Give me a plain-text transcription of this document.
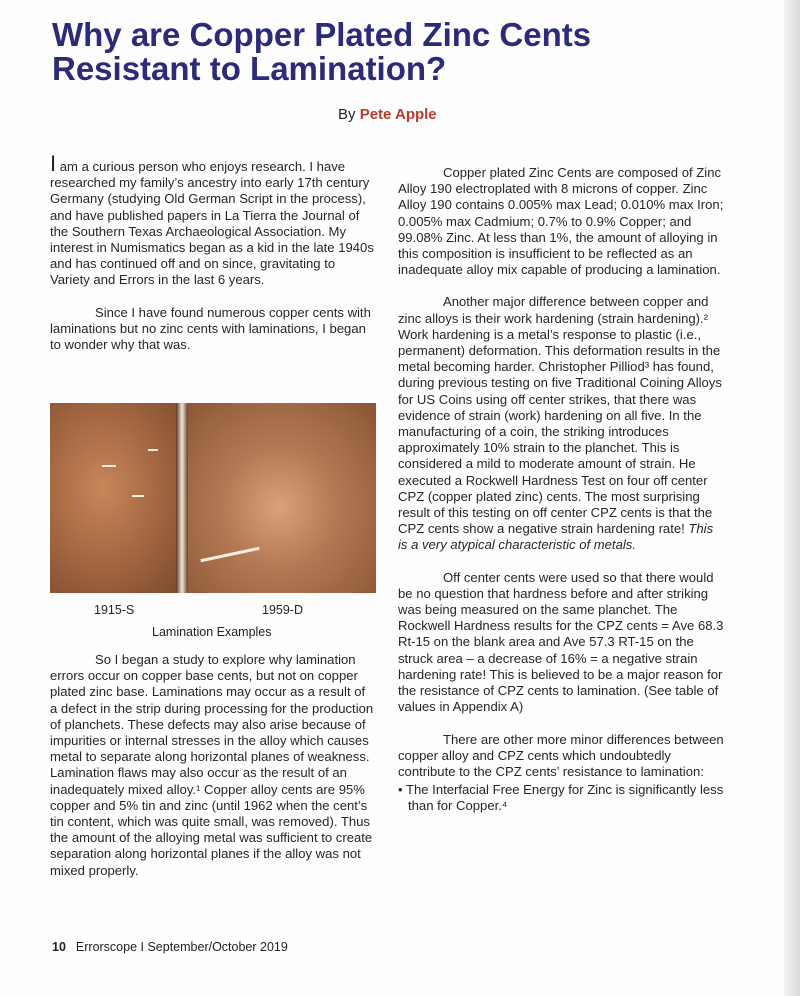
Why are Copper Plated Zinc Cents
Resistant to Lamination?
By Pete Apple

I am a curious person who enjoys research. I have researched my family’s ancestry into early 17th century Germany (studying Old German Script in the process), and have published papers in La Tierra the Journal of the Southern Texas Archaeological Association. My interest in Numismatics began as a kid in the late 1940s and has continued off and on since, gravitating to Variety and Errors in the last 6 years.

Since I have found numerous copper cents with laminations but no zinc cents with laminations, I began to wonder why that was.

1915-S	1959-D
Lamination Examples

So I began a study to explore why lamination errors occur on copper base cents, but not on copper plated zinc base. Laminations may occur as a result of a defect in the strip during processing for the production of planchets. These defects may also arise because of impurities or internal stresses in the alloy which causes metal to separate along horizontal planes of weakness. Lamination flaws may also occur as the result of an inadequately mixed alloy.¹ Copper alloy cents are 95% copper and 5% tin and zinc (until 1962 when the cent’s tin content, which was quite small, was removed). Thus the amount of the alloying metal was sufficient to create separation along horizontal planes if the alloy was not mixed properly.

Copper plated Zinc Cents are composed of Zinc Alloy 190 electroplated with 8 microns of copper. Zinc Alloy 190 contains 0.005% max Lead; 0.010% max Iron; 0.005% max Cadmium; 0.7% to 0.9% Copper; and 99.08% Zinc. At less than 1%, the amount of alloying in this composition is insufficient to be reflected as an inadequate alloy mix capable of producing a lamination.

Another major difference between copper and zinc alloys is their work hardening (strain hardening).² Work hardening is a metal’s response to plastic (i.e., permanent) deformation. This deformation results in the metal becoming harder. Christopher Pilliod³ has found, during previous testing on five Traditional Coining Alloys for US Coins using off center strikes, that there was evidence of strain (work) hardening on all five. In the manufacturing of a coin, the striking introduces approximately 10% strain to the planchet. This is considered a mild to moderate amount of strain. He executed a Rockwell Hardness Test on four off center CPZ (copper plated zinc) cents. The most surprising result of this testing on off center CPZ cents is that the CPZ cents show a negative strain hardening rate! This is a very atypical characteristic of metals.

Off center cents were used so that there would be no question that hardness before and after striking was being measured on the same planchet. The Rockwell Hardness results for the CPZ cents = Ave 68.3 Rt-15 on the blank area and Ave 57.3 RT-15 on the struck area – a decrease of 16% = a negative strain hardening rate! This is believed to be a major reason for the resistance of CPZ cents to lamination. (See table of values in Appendix A)

There are other more minor differences between copper alloy and CPZ cents which undoubtedly contribute to the CPZ cents’ resistance to lamination:

• The Interfacial Free Energy for Zinc is significantly less than for Copper.⁴

10 Errorscope I September/October 2019
